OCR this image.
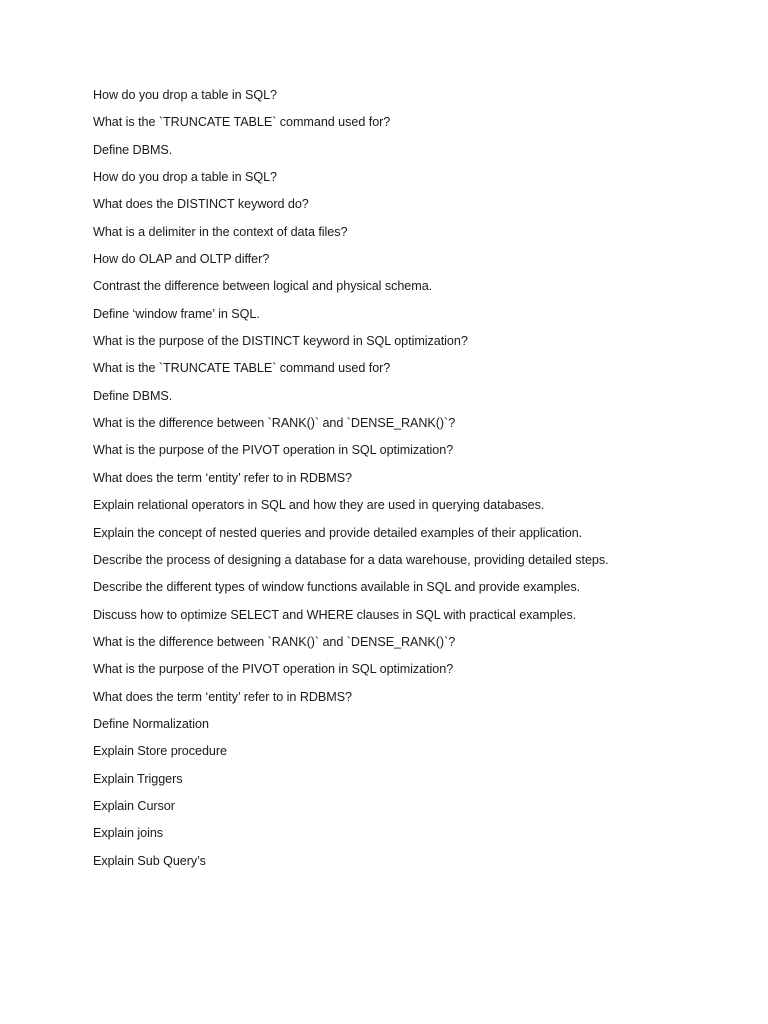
How do you drop a table in SQL?
What is the `TRUNCATE TABLE` command used for?
Define DBMS.
How do you drop a table in SQL?
What does the DISTINCT keyword do?
What is a delimiter in the context of data files?
How do OLAP and OLTP differ?
Contrast the difference between logical and physical schema.
Define ‘window frame’ in SQL.
What is the purpose of the DISTINCT keyword in SQL optimization?
What is the `TRUNCATE TABLE` command used for?
Define DBMS.
What is the difference between `RANK()` and `DENSE_RANK()`?
What is the purpose of the PIVOT operation in SQL optimization?
What does the term ‘entity’ refer to in RDBMS?
Explain relational operators in SQL and how they are used in querying databases.
Explain the concept of nested queries and provide detailed examples of their application.
Describe the process of designing a database for a data warehouse, providing detailed steps.
Describe the different types of window functions available in SQL and provide examples.
Discuss how to optimize SELECT and WHERE clauses in SQL with practical examples.
What is the difference between `RANK()` and `DENSE_RANK()`?
What is the purpose of the PIVOT operation in SQL optimization?
What does the term ‘entity’ refer to in RDBMS?
Define Normalization
Explain Store procedure
Explain Triggers
Explain Cursor
Explain joins
Explain Sub Query’s
